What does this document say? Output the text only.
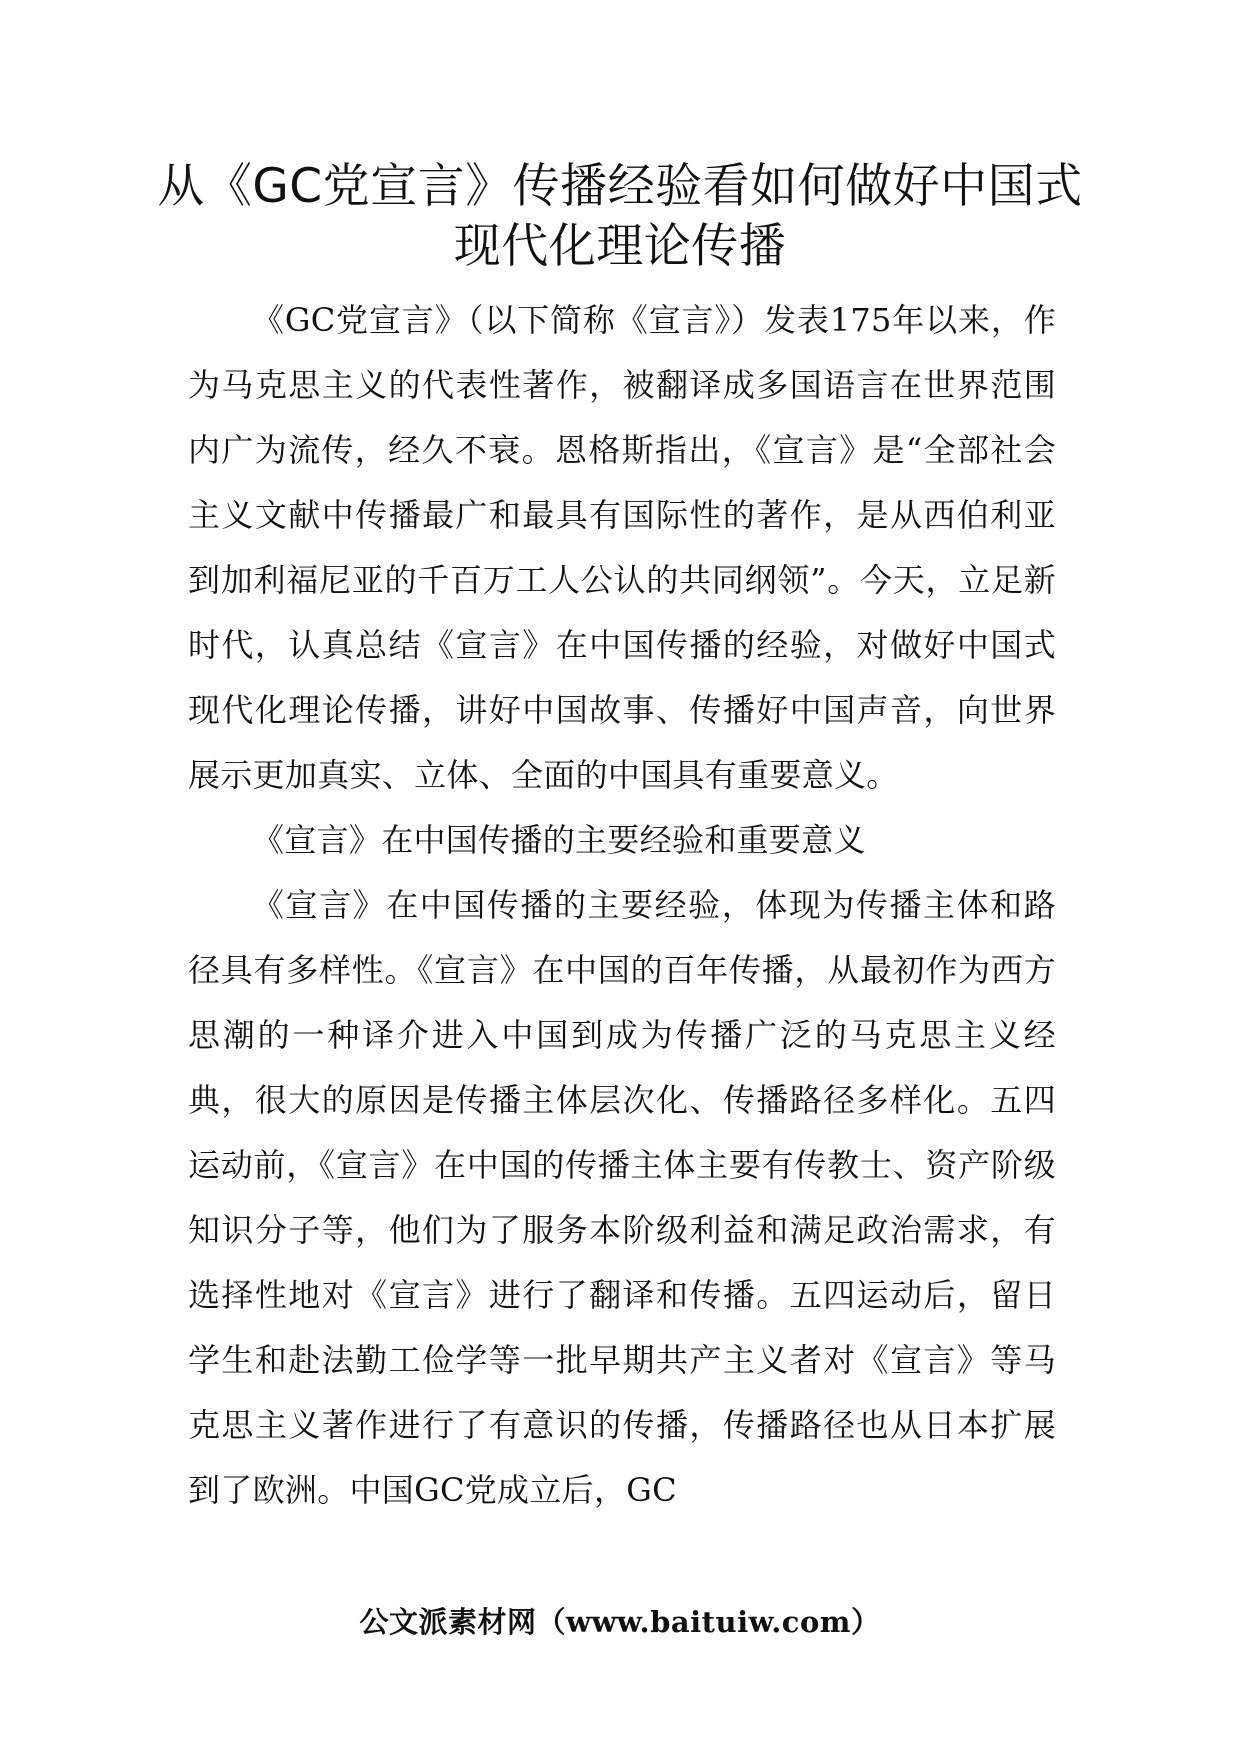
从《GC党宣言》传播经验看如何做好中国式现代化理论传播

《GC党宣言》（以下简称《宣言》）发表175年以来，作为马克思主义的代表性著作，被翻译成多国语言在世界范围内广为流传，经久不衰。恩格斯指出，《宣言》是“全部社会主义文献中传播最广和最具有国际性的著作，是从西伯利亚到加利福尼亚的千百万工人公认的共同纲领”。今天，立足新时代，认真总结《宣言》在中国传播的经验，对做好中国式现代化理论传播，讲好中国故事、传播好中国声音，向世界展示更加真实、立体、全面的中国具有重要意义。

《宣言》在中国传播的主要经验和重要意义

《宣言》在中国传播的主要经验，体现为传播主体和路径具有多样性。《宣言》在中国的百年传播，从最初作为西方思潮的一种译介进入中国到成为传播广泛的马克思主义经典，很大的原因是传播主体层次化、传播路径多样化。五四运动前，《宣言》在中国的传播主体主要有传教士、资产阶级知识分子等，他们为了服务本阶级利益和满足政治需求，有选择性地对《宣言》进行了翻译和传播。五四运动后，留日学生和赴法勤工俭学等一批早期共产主义者对《宣言》等马克思主义著作进行了有意识的传播，传播路径也从日本扩展到了欧洲。中国GC党成立后，GC

公文派素材网（www.baituiw.com）
